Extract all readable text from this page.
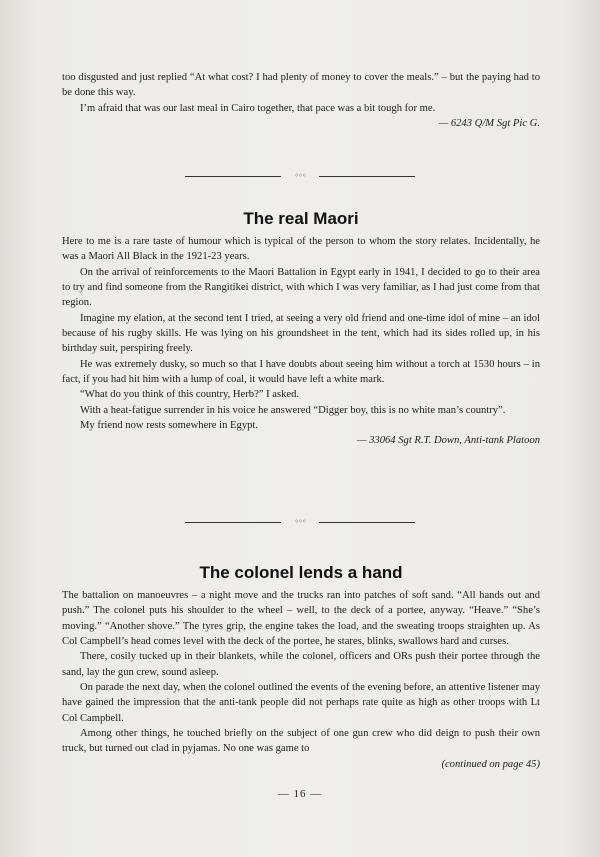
too disgusted and just replied “At what cost? I had plenty of money to cover the meals.” – but the paying had to be done this way.

I’m afraid that was our last meal in Cairo together, that pace was a bit tough for me.

— 6243 Q/M Sgt Pic G.
◦◦◦
The real Maori

Here to me is a rare taste of humour which is typical of the person to whom the story relates. Incidentally, he was a Maori All Black in the 1921-23 years.

On the arrival of reinforcements to the Maori Battalion in Egypt early in 1941, I decided to go to their area to try and find someone from the Rangitikei district, with which I was very familiar, as I had just come from that region.

Imagine my elation, at the second tent I tried, at seeing a very old friend and one-time idol of mine – an idol because of his rugby skills. He was lying on his groundsheet in the tent, which had its sides rolled up, in his birthday suit, perspiring freely.

He was extremely dusky, so much so that I have doubts about seeing him without a torch at 1530 hours – in fact, if you had hit him with a lump of coal, it would have left a white mark.

“What do you think of this country, Herb?” I asked.

With a heat-fatigue surrender in his voice he answered “Digger boy, this is no white man’s country”.

My friend now rests somewhere in Egypt.

— 33064 Sgt R.T. Down, Anti-tank Platoon
◦◦◦
The colonel lends a hand

The battalion on manoeuvres – a night move and the trucks ran into patches of soft sand. “All hands out and push.” The colonel puts his shoulder to the wheel – well, to the deck of a portee, anyway. “Heave.” “She’s moving.” “Another shove.” The tyres grip, the engine takes the load, and the sweating troops straighten up. As Col Campbell’s head comes level with the deck of the portee, he stares, blinks, swallows hard and curses.

There, cosily tucked up in their blankets, while the colonel, officers and ORs push their portee through the sand, lay the gun crew, sound asleep.

On parade the next day, when the colonel outlined the events of the evening before, an attentive listener may have gained the impression that the anti-tank people did not perhaps rate quite as high as other troops with Lt Col Campbell.

Among other things, he touched briefly on the subject of one gun crew who did deign to push their own truck, but turned out clad in pyjamas. No one was game to

(continued on page 45)
— 16 —
